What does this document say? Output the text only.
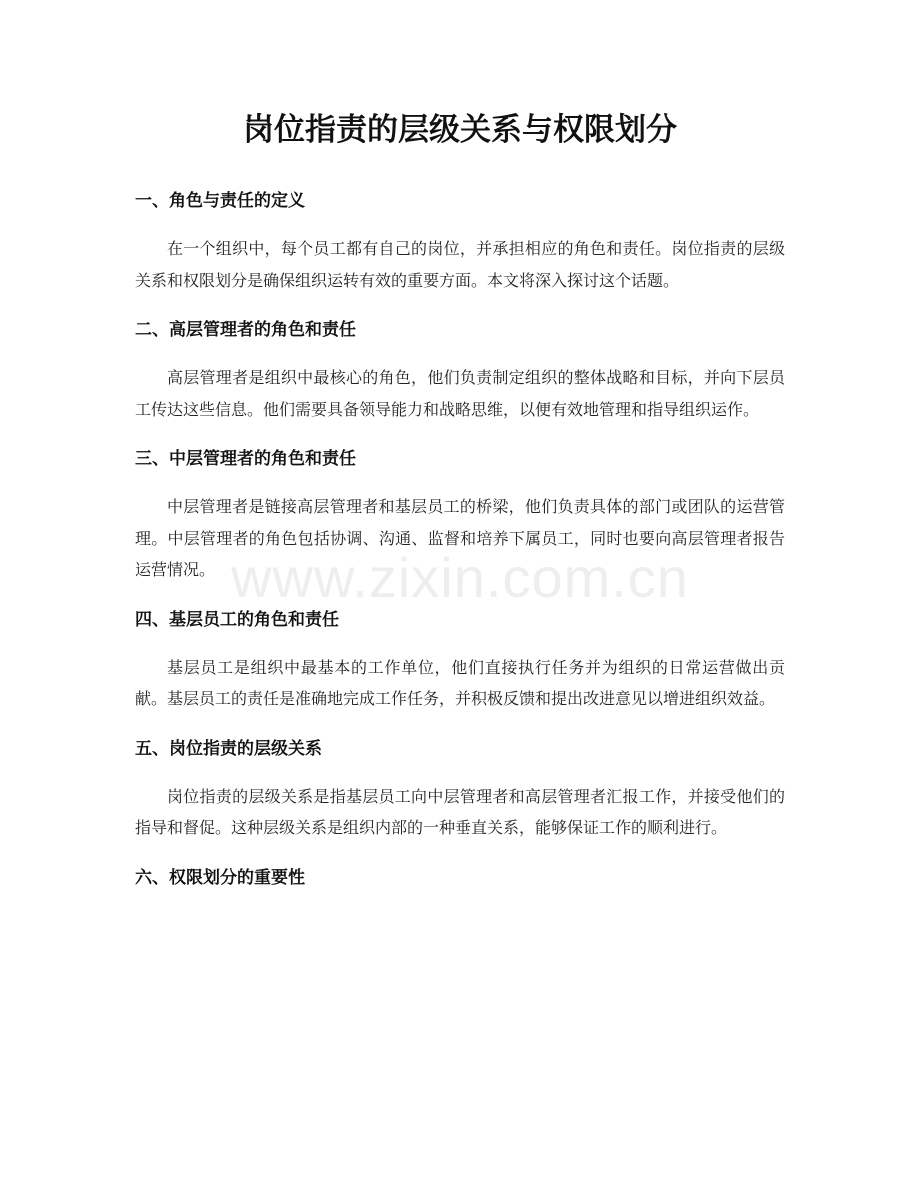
岗位指责的层级关系与权限划分
www.zixin.com.cn
一、角色与责任的定义

在一个组织中，每个员工都有自己的岗位，并承担相应的角色和责任。岗位指责的层级关系和权限划分是确保组织运转有效的重要方面。本文将深入探讨这个话题。

二、高层管理者的角色和责任

高层管理者是组织中最核心的角色，他们负责制定组织的整体战略和目标，并向下层员工传达这些信息。他们需要具备领导能力和战略思维，以便有效地管理和指导组织运作。

三、中层管理者的角色和责任

中层管理者是链接高层管理者和基层员工的桥梁，他们负责具体的部门或团队的运营管理。中层管理者的角色包括协调、沟通、监督和培养下属员工，同时也要向高层管理者报告运营情况。

四、基层员工的角色和责任

基层员工是组织中最基本的工作单位，他们直接执行任务并为组织的日常运营做出贡献。基层员工的责任是准确地完成工作任务，并积极反馈和提出改进意见以增进组织效益。

五、岗位指责的层级关系

岗位指责的层级关系是指基层员工向中层管理者和高层管理者汇报工作，并接受他们的指导和督促。这种层级关系是组织内部的一种垂直关系，能够保证工作的顺利进行。

六、权限划分的重要性
